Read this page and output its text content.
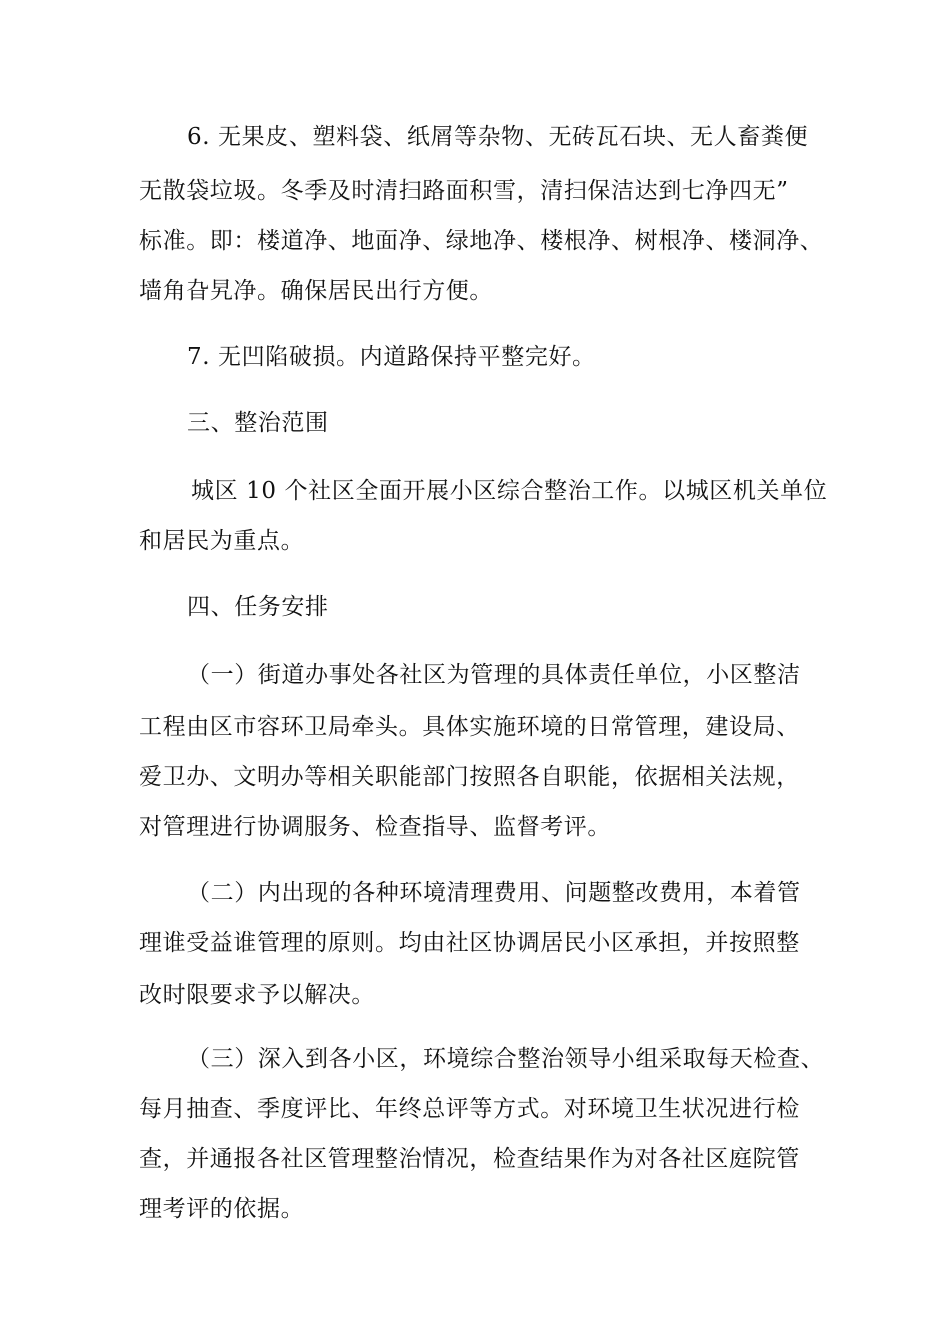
6. 无果皮、塑料袋、纸屑等杂物、无砖瓦石块、无人畜粪便
无散袋垃圾。冬季及时清扫路面积雪，清扫保洁达到七净四无”
标准。即：楼道净、地面净、绿地净、楼根净、树根净、楼洞净、
墙角旮旯净。确保居民出行方便。
7. 无凹陷破损。内道路保持平整完好。
三、整治范围
城区 10 个社区全面开展小区综合整治工作。以城区机关单位
和居民为重点。
四、任务安排
（一）街道办事处各社区为管理的具体责任单位，小区整洁
工程由区市容环卫局牵头。具体实施环境的日常管理，建设局、
爱卫办、文明办等相关职能部门按照各自职能，依据相关法规，
对管理进行协调服务、检查指导、监督考评。
（二）内出现的各种环境清理费用、问题整改费用，本着管
理谁受益谁管理的原则。均由社区协调居民小区承担，并按照整
改时限要求予以解决。
（三）深入到各小区，环境综合整治领导小组采取每天检查、
每月抽查、季度评比、年终总评等方式。对环境卫生状况进行检
查，并通报各社区管理整治情况，检查结果作为对各社区庭院管
理考评的依据。
